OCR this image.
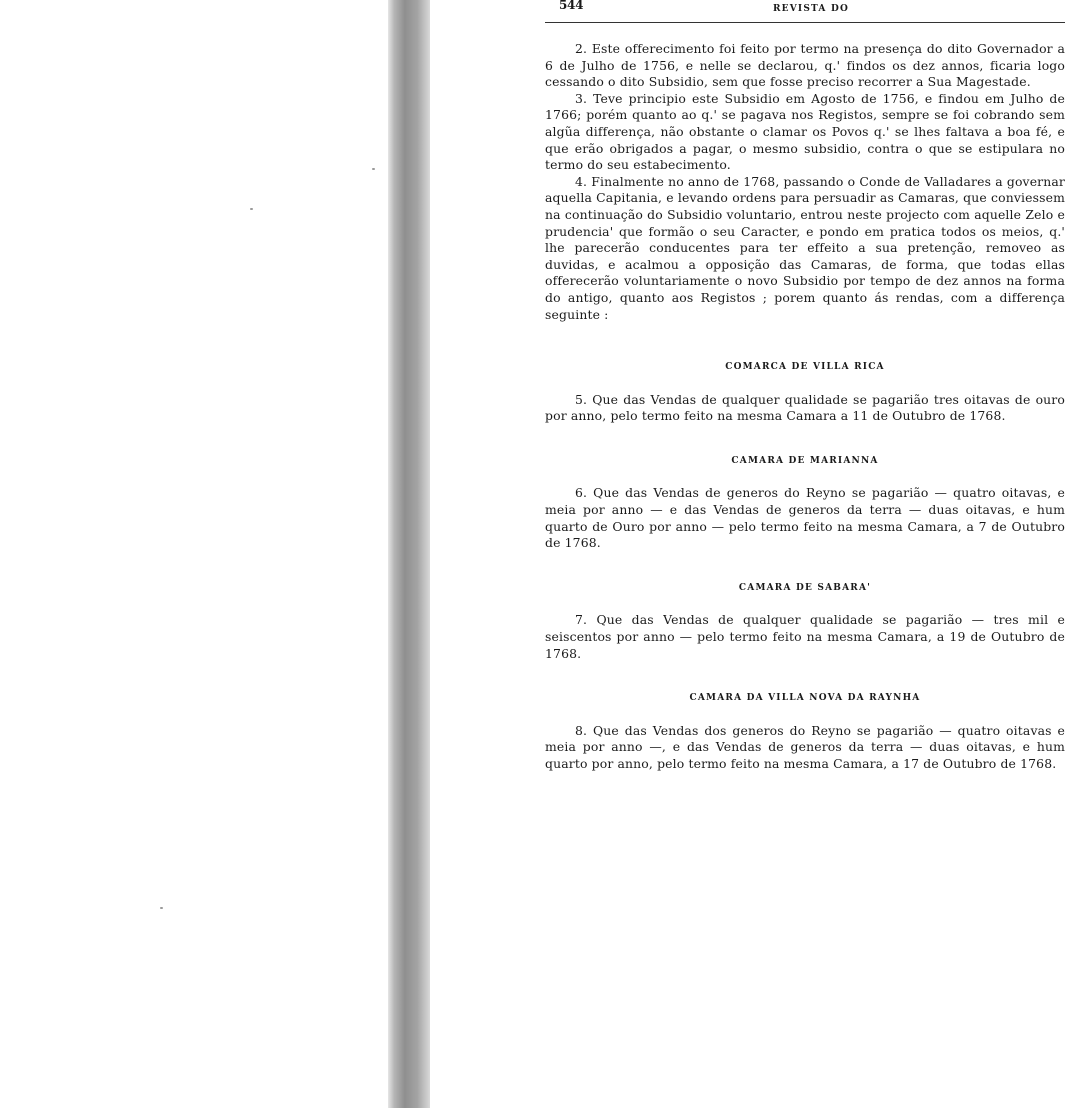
544	REVISTA DO

2. Este offerecimento foi feito por termo na presença do dito Governador a 6 de Julho de 1756, e nelle se declarou, q.' findos os dez annos, ficaria logo cessando o dito Subsidio, sem que fosse preciso recorrer a Sua Magestade.

3. Teve principio este Subsidio em Agosto de 1756, e findou em Julho de 1766; porém quanto ao q.' se pagava nos Registos, sempre se foi cobrando sem algũa differença, não obstante o clamar os Povos q.' se lhes faltava a boa fé, e que erão obrigados a pagar, o mesmo subsidio, contra o que se estipulara no termo do seu estabecimento.

4. Finalmente no anno de 1768, passando o Conde de Valladares a governar aquella Capitania, e levando ordens para persuadir as Camaras, que conviessem na continuação do Subsidio voluntario, entrou neste projecto com aquelle Zelo e prudencia' que formão o seu Caracter, e pondo em pratica todos os meios, q.' lhe parecerão conducentes para ter effeito a sua pretenção, removeo as duvidas, e acalmou a opposição das Camaras, de forma, que todas ellas offerecerão voluntariamente o novo Subsidio por tempo de dez annos na forma do antigo, quanto aos Registos ; porem quanto ás rendas, com a differença seguinte :

COMARCA DE VILLA RICA

5. Que das Vendas de qualquer qualidade se pagarião tres oitavas de ouro por anno, pelo termo feito na mesma Camara a 11 de Outubro de 1768.

CAMARA DE MARIANNA

6. Que das Vendas de generos do Reyno se pagarião — quatro oitavas, e meia por anno — e das Vendas de generos da terra — duas oitavas, e hum quarto de Ouro por anno — pelo termo feito na mesma Camara, a 7 de Outubro de 1768.

CAMARA DE SABARA'

7. Que das Vendas de qualquer qualidade se pagarião — tres mil e seiscentos por anno — pelo termo feito na mesma Camara, a 19 de Outubro de 1768.

CAMARA DA VILLA NOVA DA RAYNHA

8. Que das Vendas dos generos do Reyno se pagarião — quatro oitavas e meia por anno —, e das Vendas de generos da terra — duas oitavas, e hum quarto por anno, pelo termo feito na mesma Camara, a 17 de Outubro de 1768.
